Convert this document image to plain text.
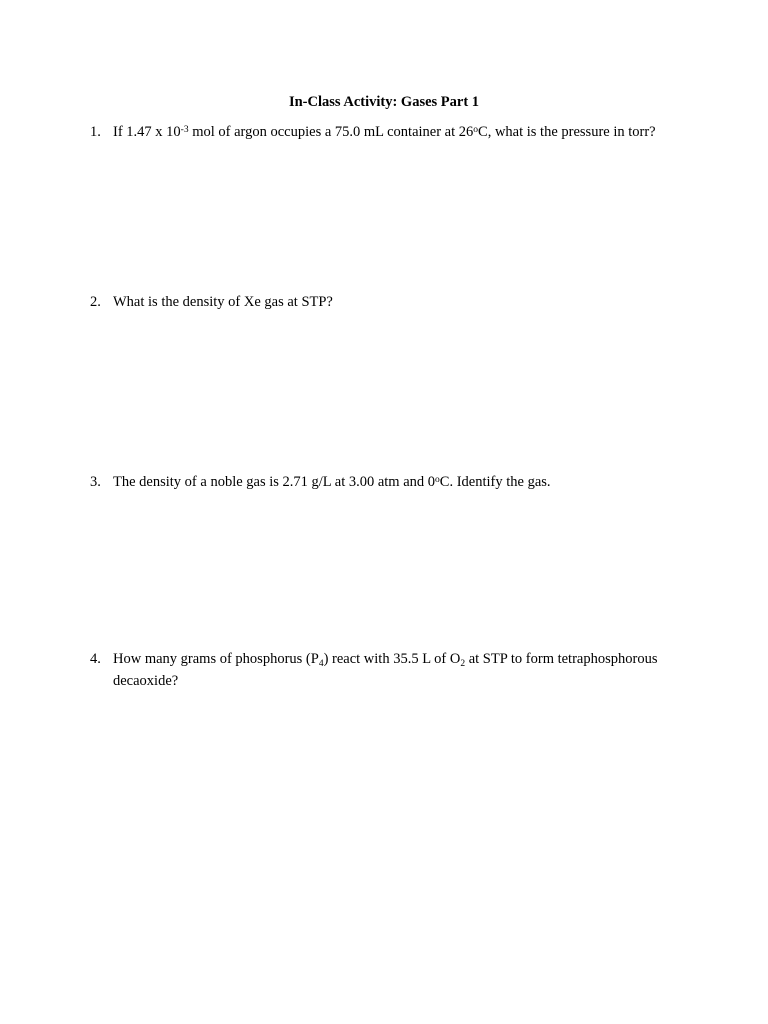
In-Class Activity: Gases Part 1
1. If 1.47 x $10^{-3}$ mol of argon occupies a 75.0 mL container at 26$^o$C, what is the pressure in torr?
2. What is the density of Xe gas at STP?
3. The density of a noble gas is 2.71 g/L at 3.00 atm and 0$^o$C. Identify the gas.
4. How many grams of phosphorus $(P_4)$ react with 35.5 L of $O_2$ at STP to form tetraphosphorous decaoxide?
